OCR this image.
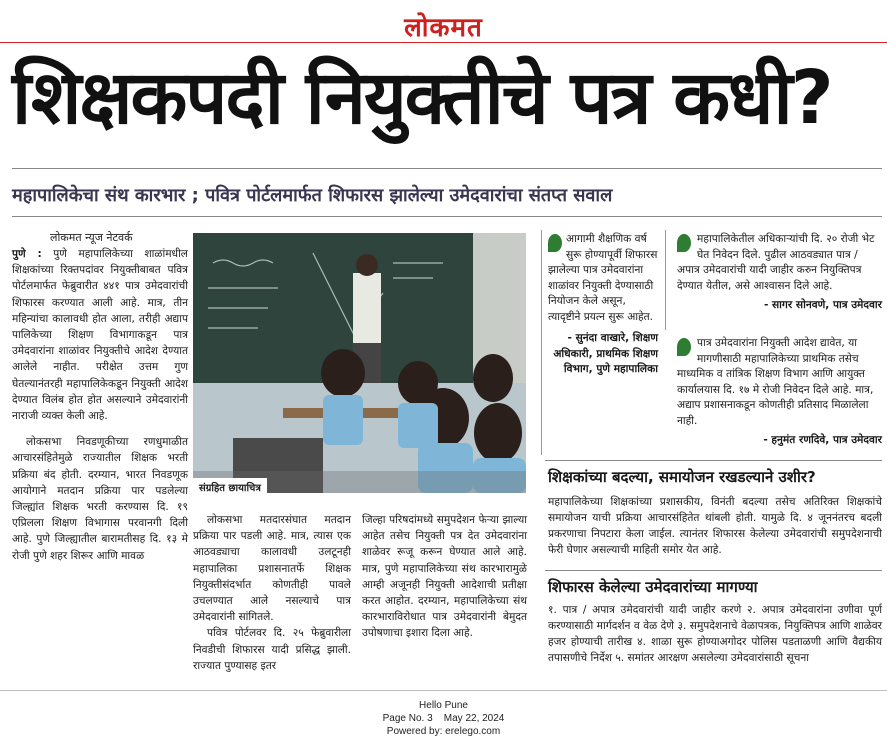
लोकमत
शिक्षकपदी नियुक्तीचे पत्र कधी?
महापालिकेचा संथ कारभार ; पवित्र पोर्टलमार्फत शिफारस झालेल्या उमेदवारांचा संतप्त सवाल
लोकमत न्यूज नेटवर्क

पुणे : पुणे महापालिकेच्या शाळांमधील शिक्षकांच्या रिक्तपदांवर नियुक्तीबाबत पवित्र पोर्टलमार्फत फेब्रुवारीत ४४१ पात्र उमेदवारांची शिफारस करण्यात आली आहे. मात्र, तीन महिन्यांचा कालावधी होत आला, तरीही अद्याप पालिकेच्या शिक्षण विभागाकडून पात्र उमेदवारांना शाळांवर नियुक्तीचे आदेश देण्यात आलेले नाहीत. परीक्षेत उत्तम गुण घेतल्यानंतरही महापालिकेकडून नियुक्ती आदेश देण्यात विलंब होत होत असल्याने उमेदवारांनी नाराजी व्यक्त केली आहे.

लोकसभा निवडणूकीच्या रणधुमाळीत आचारसंहितेमुळे राज्यातील शिक्षक भरती प्रक्रिया बंद होती. दरम्यान, भारत निवडणूक आयोगाने मतदान प्रक्रिया पार पडलेल्या जिल्ह्यांत शिक्षक भरती करण्यास दि. १९ एप्रिलला शिक्षण विभागास परवानगी दिली आहे. पुणे जिल्ह्यातील बारामतीसह दि. १३ मे रोजी पुणे शहर शिरूर आणि मावळ

संग्रहित छायाचित्र

लोकसभा मतदारसंघात मतदान प्रक्रिया पार पडली आहे. मात्र, त्यास एक आठवड्याचा कालावधी उलटूनही महापालिका प्रशासनातर्फे शिक्षक नियुक्तीसंदर्भात कोणतीही पावले उचलण्यात आले नसल्याचे पात्र उमेदवारांनी सांगितले.

पवित्र पोर्टलवर दि. २५ फेब्रुवारीला निवडीची शिफारस यादी प्रसिद्ध झाली. राज्यात पुण्यासह इतर

जिल्हा परिषदांमध्ये समुपदेशन फेऱ्या झाल्या आहेत तसेच नियुक्ती पत्र देत उमेदवारांना शाळेवर रूजू करून घेण्यात आले आहे. मात्र, पुणे महापालिकेच्या संथ कारभारामुळे आम्ही अजूनही नियुक्ती आदेशाची प्रतीक्षा करत आहोत. दरम्यान, महापालिकेच्या संथ कारभाराविरोधात पात्र उमेदवारांनी बेमुदत उपोषणाचा इशारा दिला आहे.

आगामी शैक्षणिक वर्ष सुरू होण्यापूर्वी शिफारस झालेल्या पात्र उमेदवारांना शाळांवर नियुक्ती देण्यासाठी नियोजन केले असून, त्यादृष्टीने प्रयत्न सुरू आहेत.
- सुनंदा वाखारे, शिक्षण अधिकारी, प्राथमिक शिक्षण विभाग, पुणे महापालिका
महापालिकेतील अधिकाऱ्यांची दि. २० रोजी भेट घेत निवेदन दिले. पुढील आठवड्यात पात्र / अपात्र उमेदवारांची यादी जाहीर करुन नियुक्तिपत्र देण्यात येतील, असे आश्वासन दिले आहे.
- सागर सोनवणे, पात्र उमेदवार
पात्र उमेदवारांना नियुक्ती आदेश द्यावेत, या मागणीसाठी महापालिकेच्या प्राथमिक तसेच माध्यमिक व तांत्रिक शिक्षण विभाग आणि आयुक्त कार्यालयास दि. १७ मे रोजी निवेदन दिले आहे. मात्र, अद्याप प्रशासनाकडून कोणतीही प्रतिसाद मिळालेला नाही.
- हनुमंत रणदिवे, पात्र उमेदवार
शिक्षकांच्या बदल्या, समायोजन रखडल्याने उशीर?

महापालिकेच्या शिक्षकांच्या प्रशासकीय, विनंती बदल्या तसेच अतिरिक्त शिक्षकांचे समायोजन याची प्रक्रिया आचारसंहितेत थांबली होती. यामुळे दि. ४ जूननंतरच बदली प्रकरणाचा निपटारा केला जाईल. त्यानंतर शिफारस केलेल्या उमेदवारांची समुपदेशनाची फेरी घेणार असल्याची माहिती समोर येत आहे.

शिफारस केलेल्या उमेदवारांच्या मागण्या

१. पात्र / अपात्र उमेदवारांची यादी जाहीर करणे २. अपात्र उमेदवारांना उणीवा पूर्ण करण्यासाठी मार्गदर्शन व वेळ देणे ३. समुपदेशनाचे वेळापत्रक, नियुक्तिपत्र आणि शाळेवर हजर होण्याची तारीख ४. शाळा सुरू होण्याअगोदर पोलिस पडताळणी आणि वैद्यकीय तपासणीचे निर्देश ५. समांतर आरक्षण असलेल्या उमेदवारांसाठी सूचना

Hello Pune
Page No. 3    May 22, 2024
Powered by: erelego.com
